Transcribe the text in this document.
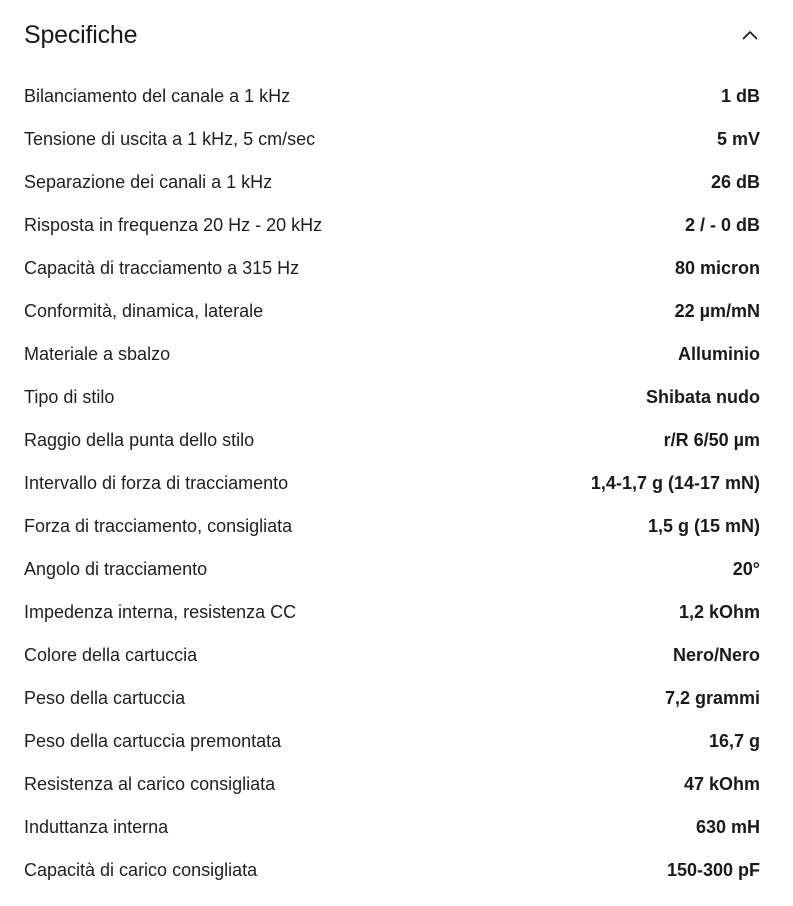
Specifiche
Bilanciamento del canale a 1 kHz	1 dB
Tensione di uscita a 1 kHz, 5 cm/sec	5 mV
Separazione dei canali a 1 kHz	26 dB
Risposta in frequenza 20 Hz - 20 kHz	2 / - 0 dB
Capacità di tracciamento a 315 Hz	80 micron
Conformità, dinamica, laterale	22 µm/mN
Materiale a sbalzo	Alluminio
Tipo di stilo	Shibata nudo
Raggio della punta dello stilo	r/R 6/50 µm
Intervallo di forza di tracciamento	1,4-1,7 g (14-17 mN)
Forza di tracciamento, consigliata	1,5 g (15 mN)
Angolo di tracciamento	20°
Impedenza interna, resistenza CC	1,2 kOhm
Colore della cartuccia	Nero/Nero
Peso della cartuccia	7,2 grammi
Peso della cartuccia premontata	16,7 g
Resistenza al carico consigliata	47 kOhm
Induttanza interna	630 mH
Capacità di carico consigliata	150-300 pF
